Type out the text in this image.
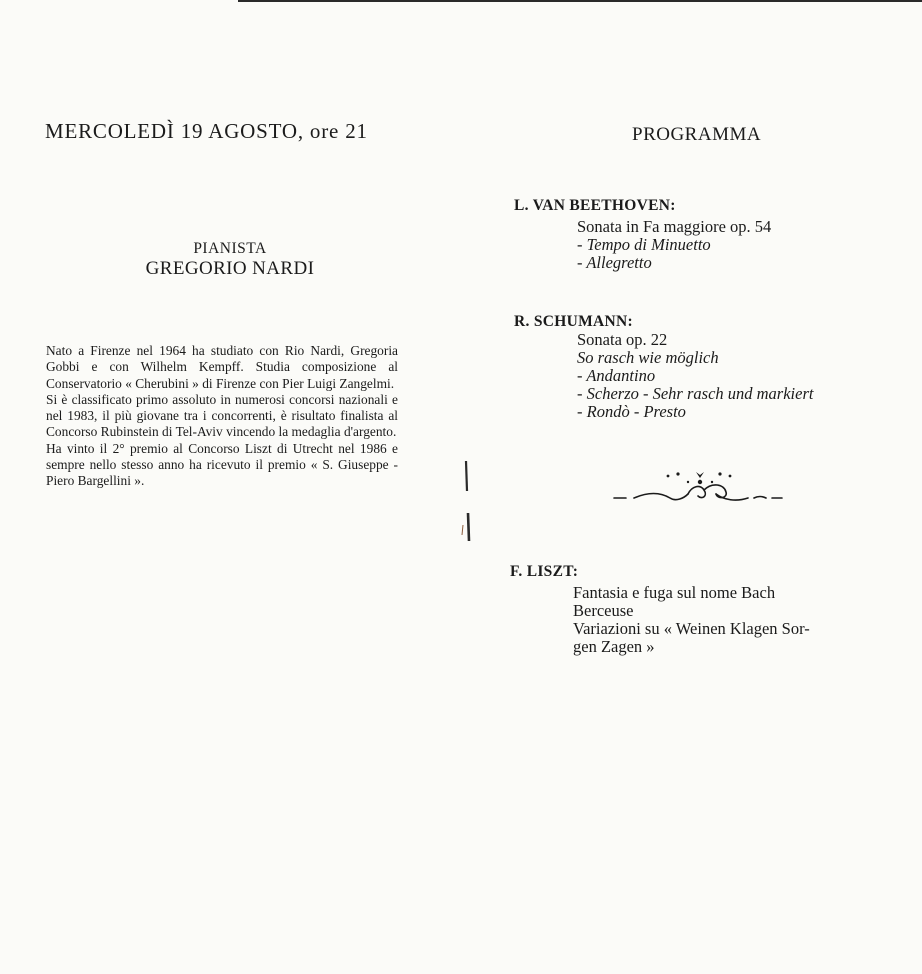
MERCOLEDÌ 19 AGOSTO, ore 21	PROGRAMMA
PIANISTA
GREGORIO NARDI

Nato a Firenze nel 1964 ha studiato con Rio Nardi, Gregoria Gobbi e con Wilhelm Kempff. Studia composizione al Conservatorio « Cherubini » di Firenze con Pier Luigi Zangelmi.

Si è classificato primo assoluto in numerosi concorsi nazionali e nel 1983, il più giovane tra i concorrenti, è risultato finalista al Concorso Rubinstein di Tel-Aviv vincendo la medaglia d'argento.

Ha vinto il 2° premio al Concorso Liszt di Utrecht nel 1986 e sempre nello stesso anno ha ricevuto il premio « S. Giuseppe - Piero Bargellini ».

L. VAN BEETHOVEN:
Sonata in Fa maggiore op. 54
- Tempo di Minuetto
- Allegretto
R. SCHUMANN:
Sonata op. 22
So rasch wie möglich
- Andantino
- Scherzo - Sehr rasch und markiert
- Rondò - Presto
F. LISZT:
Fantasia e fuga sul nome Bach
Berceuse
Variazioni su « Weinen Klagen Sor-
gen Zagen »
